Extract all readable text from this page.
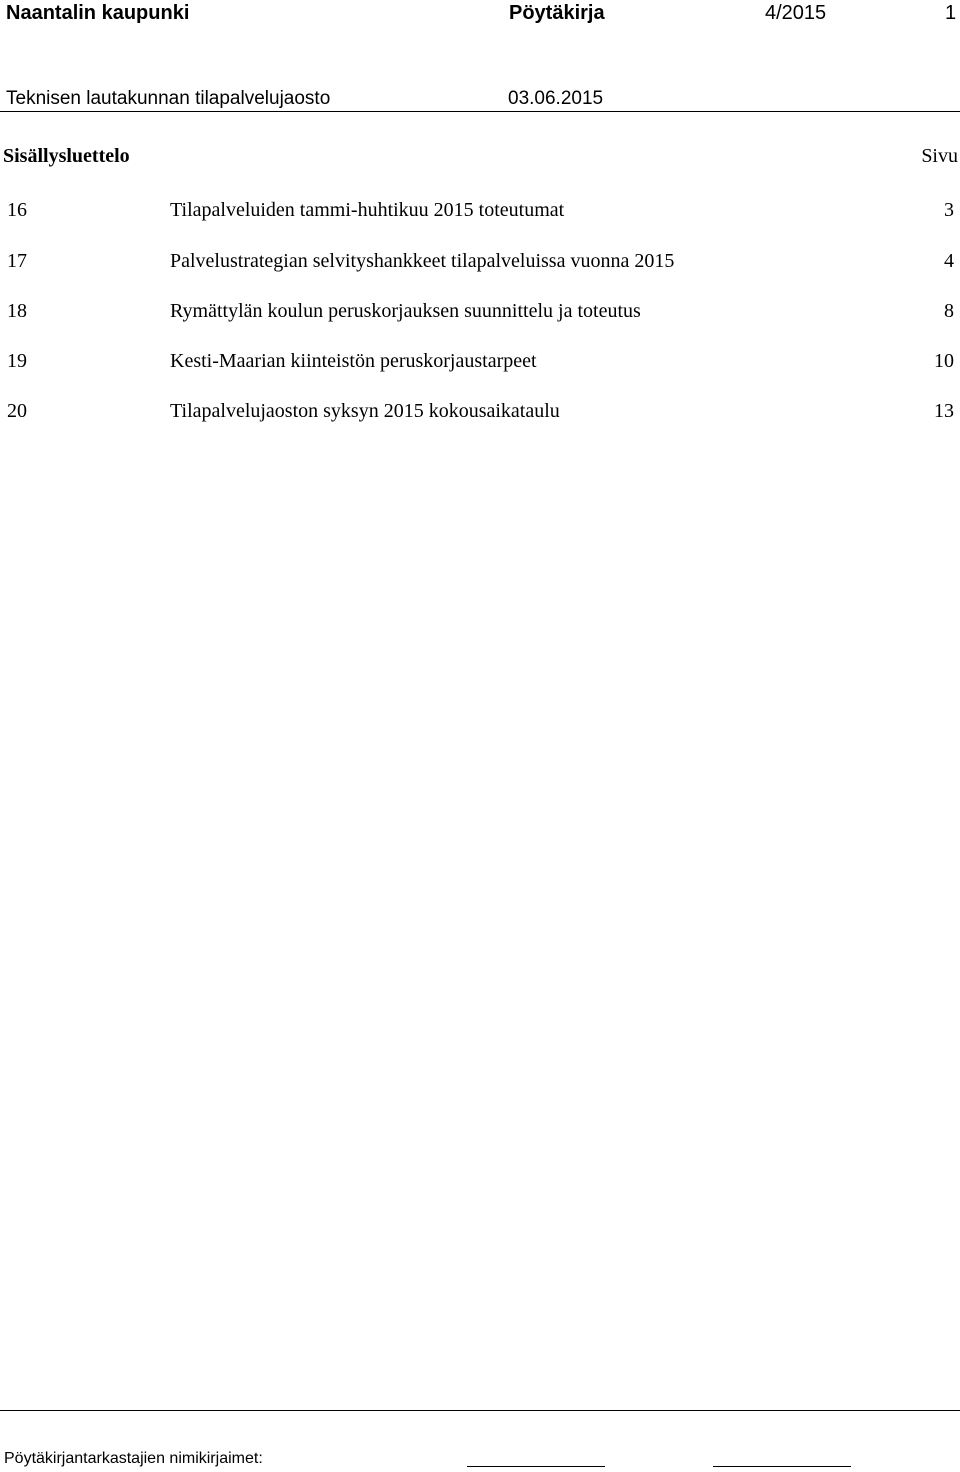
Naantalin kaupunki	Pöytäkirja	4/2015	1
Teknisen lautakunnan tilapalvelujaosto	03.06.2015
Sisällysluettelo	Sivu
16	Tilapalveluiden tammi-huhtikuu 2015 toteutumat	3
17	Palvelustrategian selvityshankkeet tilapalveluissa vuonna 2015	4
18	Rymättylän koulun peruskorjauksen suunnittelu ja toteutus	8
19	Kesti-Maarian kiinteistön peruskorjaustarpeet	10
20	Tilapalvelujaoston syksyn 2015 kokousaikataulu	13
Pöytäkirjantarkastajien nimikirjaimet:
